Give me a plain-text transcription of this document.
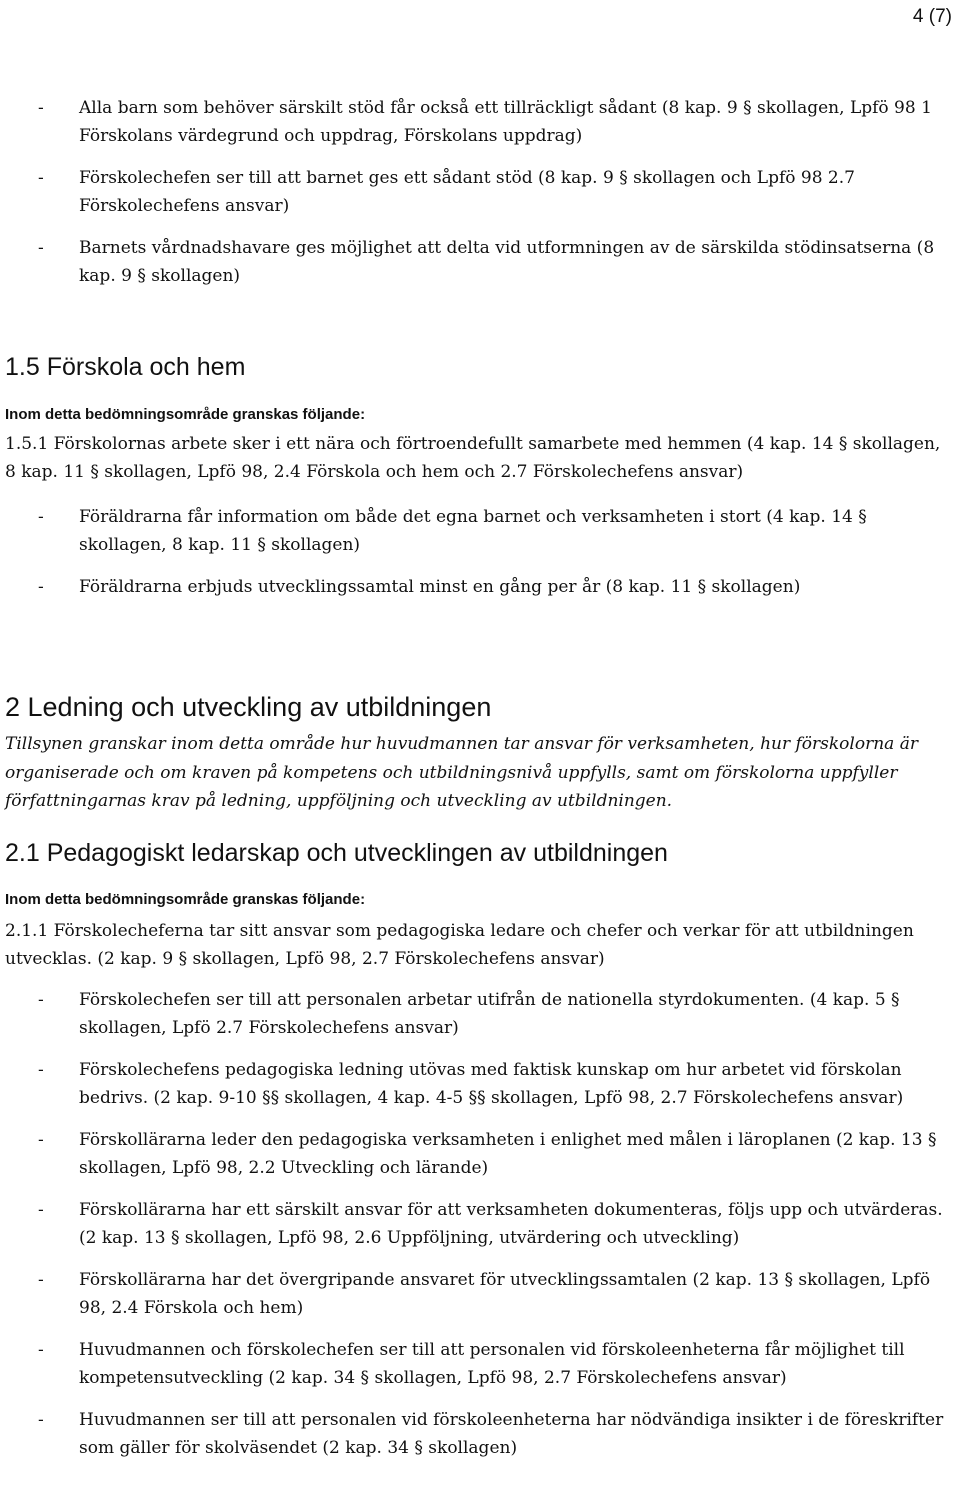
4 (7)
- Alla barn som behöver särskilt stöd får också ett tillräckligt sådant (8 kap. 9 § skollagen, Lpfö 98 1 Förskolans värdegrund och uppdrag, Förskolans uppdrag)
- Förskolechefen ser till att barnet ges ett sådant stöd (8 kap. 9 § skollagen och Lpfö 98 2.7 Förskolechefens ansvar)
- Barnets vårdnadshavare ges möjlighet att delta vid utformningen av de särskilda stödinsatserna (8 kap. 9 § skollagen)
1.5 Förskola och hem
Inom detta bedömningsområde granskas följande:
1.5.1 Förskolornas arbete sker i ett nära och förtroendefullt samarbete med hemmen (4 kap. 14 § skollagen, 8 kap. 11 § skollagen, Lpfö 98, 2.4 Förskola och hem och 2.7 Förskolechefens ansvar)
- Föräldrarna får information om både det egna barnet och verksamheten i stort (4 kap. 14 § skollagen, 8 kap. 11 § skollagen)
- Föräldrarna erbjuds utvecklingssamtal minst en gång per år (8 kap. 11 § skollagen)
2 Ledning och utveckling av utbildningen
Tillsynen granskar inom detta område hur huvudmannen tar ansvar för verksamheten, hur förskolorna är organiserade och om kraven på kompetens och utbildningsnivå uppfylls, samt om förskolorna uppfyller författningarnas krav på ledning, uppföljning och utveckling av utbildningen.
2.1 Pedagogiskt ledarskap och utvecklingen av utbildningen
Inom detta bedömningsområde granskas följande:
2.1.1 Förskolecheferna tar sitt ansvar som pedagogiska ledare och chefer och verkar för att utbildningen utvecklas. (2 kap. 9 § skollagen, Lpfö 98, 2.7 Förskolechefens ansvar)
- Förskolechefen ser till att personalen arbetar utifrån de nationella styrdokumenten. (4 kap. 5 § skollagen, Lpfö 2.7 Förskolechefens ansvar)
- Förskolechefens pedagogiska ledning utövas med faktisk kunskap om hur arbetet vid förskolan bedrivs. (2 kap. 9-10 §§ skollagen, 4 kap. 4-5 §§ skollagen, Lpfö 98, 2.7 Förskolechefens ansvar)
- Förskollärarna leder den pedagogiska verksamheten i enlighet med målen i läroplanen (2 kap. 13 § skollagen, Lpfö 98, 2.2 Utveckling och lärande)
- Förskollärarna har ett särskilt ansvar för att verksamheten dokumenteras, följs upp och utvärderas. (2 kap. 13 § skollagen, Lpfö 98, 2.6 Uppföljning, utvärdering och utveckling)
- Förskollärarna har det övergripande ansvaret för utvecklingssamtalen (2 kap. 13 § skollagen, Lpfö 98, 2.4 Förskola och hem)
- Huvudmannen och förskolechefen ser till att personalen vid förskoleenheterna får möjlighet till kompetensutveckling (2 kap. 34 § skollagen, Lpfö 98, 2.7 Förskolechefens ansvar)
- Huvudmannen ser till att personalen vid förskoleenheterna har nödvändiga insikter i de föreskrifter som gäller för skolväsendet (2 kap. 34 § skollagen)
